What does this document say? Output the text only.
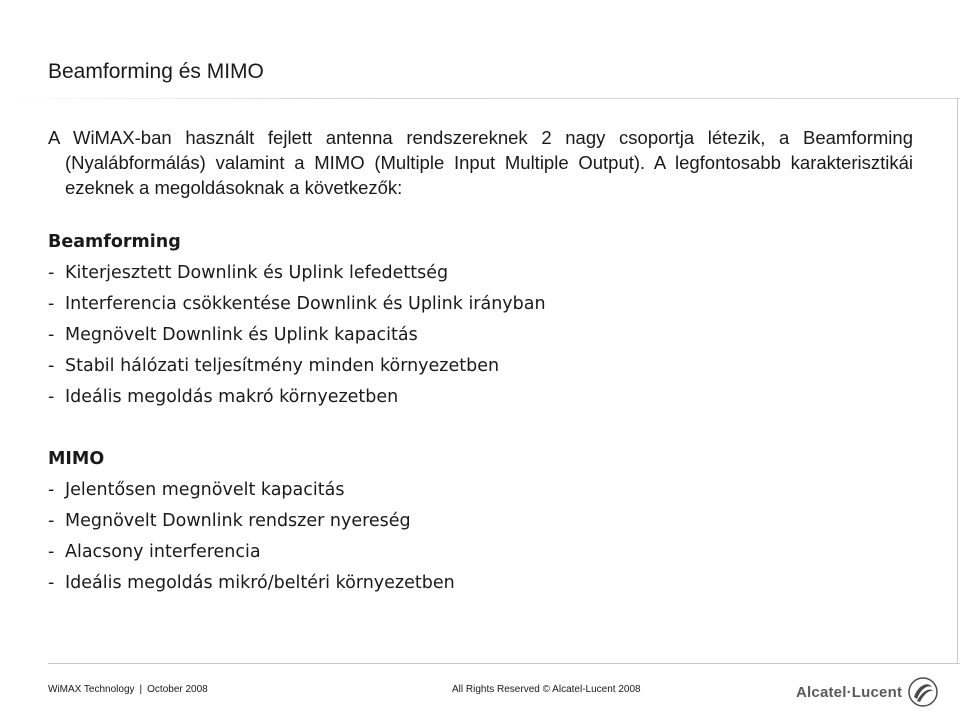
Beamforming és MIMO
A WiMAX-ban használt fejlett antenna rendszereknek 2 nagy csoportja létezik, a Beamforming (Nyalábformálás) valamint a MIMO (Multiple Input Multiple Output). A legfontosabb karakterisztikái ezeknek a megoldásoknak a következők:
Beamforming
- Kiterjesztett Downlink és Uplink lefedettség
- Interferencia csökkentése Downlink és Uplink irányban
- Megnövelt Downlink és Uplink kapacitás
- Stabil hálózati teljesítmény minden környezetben
- Ideális megoldás makró környezetben
MIMO
- Jelentősen megnövelt kapacitás
- Megnövelt Downlink rendszer nyereség
- Alacsony interferencia
- Ideális megoldás mikró/beltéri környezetben
WiMAX Technology | October 2008	All Rights Reserved © Alcatel-Lucent 2008	Alcatel·Lucent
